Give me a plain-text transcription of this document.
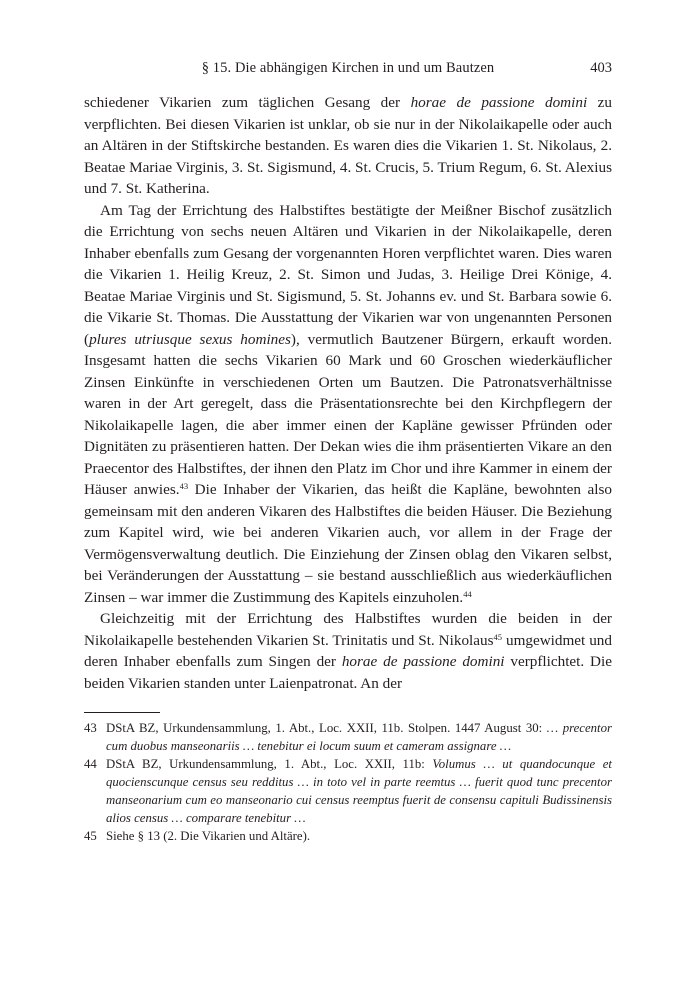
§ 15. Die abhängigen Kirchen in und um Bautzen	403

schiedener Vikarien zum täglichen Gesang der horae de passione domini zu verpflichten. Bei diesen Vikarien ist unklar, ob sie nur in der Nikolaikapelle oder auch an Altären in der Stiftskirche bestanden. Es waren dies die Vikarien 1. St. Nikolaus, 2. Beatae Mariae Virginis, 3. St. Sigismund, 4. St. Crucis, 5. Trium Regum, 6. St. Alexius und 7. St. Katherina.

Am Tag der Errichtung des Halbstiftes bestätigte der Meißner Bischof zusätzlich die Errichtung von sechs neuen Altären und Vikarien in der Nikolaikapelle, deren Inhaber ebenfalls zum Gesang der vorgenannten Horen verpflichtet waren. Dies waren die Vikarien 1. Heilig Kreuz, 2. St. Simon und Judas, 3. Heilige Drei Könige, 4. Beatae Mariae Virginis und St. Sigismund, 5. St. Johanns ev. und St. Barbara sowie 6. die Vikarie St. Thomas. Die Ausstattung der Vikarien war von ungenannten Personen (plures utriusque sexus homines), vermutlich Bautzener Bürgern, erkauft worden. Insgesamt hatten die sechs Vikarien 60 Mark und 60 Groschen wiederkäuflicher Zinsen Einkünfte in verschiedenen Orten um Bautzen. Die Patronatsverhältnisse waren in der Art geregelt, dass die Präsentationsrechte bei den Kirchpflegern der Nikolaikapelle lagen, die aber immer einen der Kapläne gewisser Pfründen oder Dignitäten zu präsentieren hatten. Der Dekan wies die ihm präsentierten Vikare an den Praecentor des Halbstiftes, der ihnen den Platz im Chor und ihre Kammer in einem der Häuser anwies.$^{43}$ Die Inhaber der Vikarien, das heißt die Kapläne, bewohnten also gemeinsam mit den anderen Vikaren des Halbstiftes die beiden Häuser. Die Beziehung zum Kapitel wird, wie bei anderen Vikarien auch, vor allem in der Frage der Vermögensverwaltung deutlich. Die Einziehung der Zinsen oblag den Vikaren selbst, bei Veränderungen der Ausstattung – sie bestand ausschließlich aus wiederkäuflichen Zinsen – war immer die Zustimmung des Kapitels einzuholen.$^{44}$

Gleichzeitig mit der Errichtung des Halbstiftes wurden die beiden in der Nikolaikapelle bestehenden Vikarien St. Trinitatis und St. Nikolaus$^{45}$ umgewidmet und deren Inhaber ebenfalls zum Singen der horae de passione domini verpflichtet. Die beiden Vikarien standen unter Laienpatronat. An der

43 DStA BZ, Urkundensammlung, 1. Abt., Loc. XXII, 11b. Stolpen. 1447 August 30: … precentor cum duobus manseonariis … tenebitur ei locum suum et cameram assignare …
44 DStA BZ, Urkundensammlung, 1. Abt., Loc. XXII, 11b: Volumus … ut quandocunque et quocienscunque census seu redditus … in toto vel in parte reemtus … fuerit quod tunc precentor manseonarium cum eo manseonario cui census reemptus fuerit de consensu capituli Budissinensis alios census … comparare tenebitur …
45 Siehe § 13 (2. Die Vikarien und Altäre).
